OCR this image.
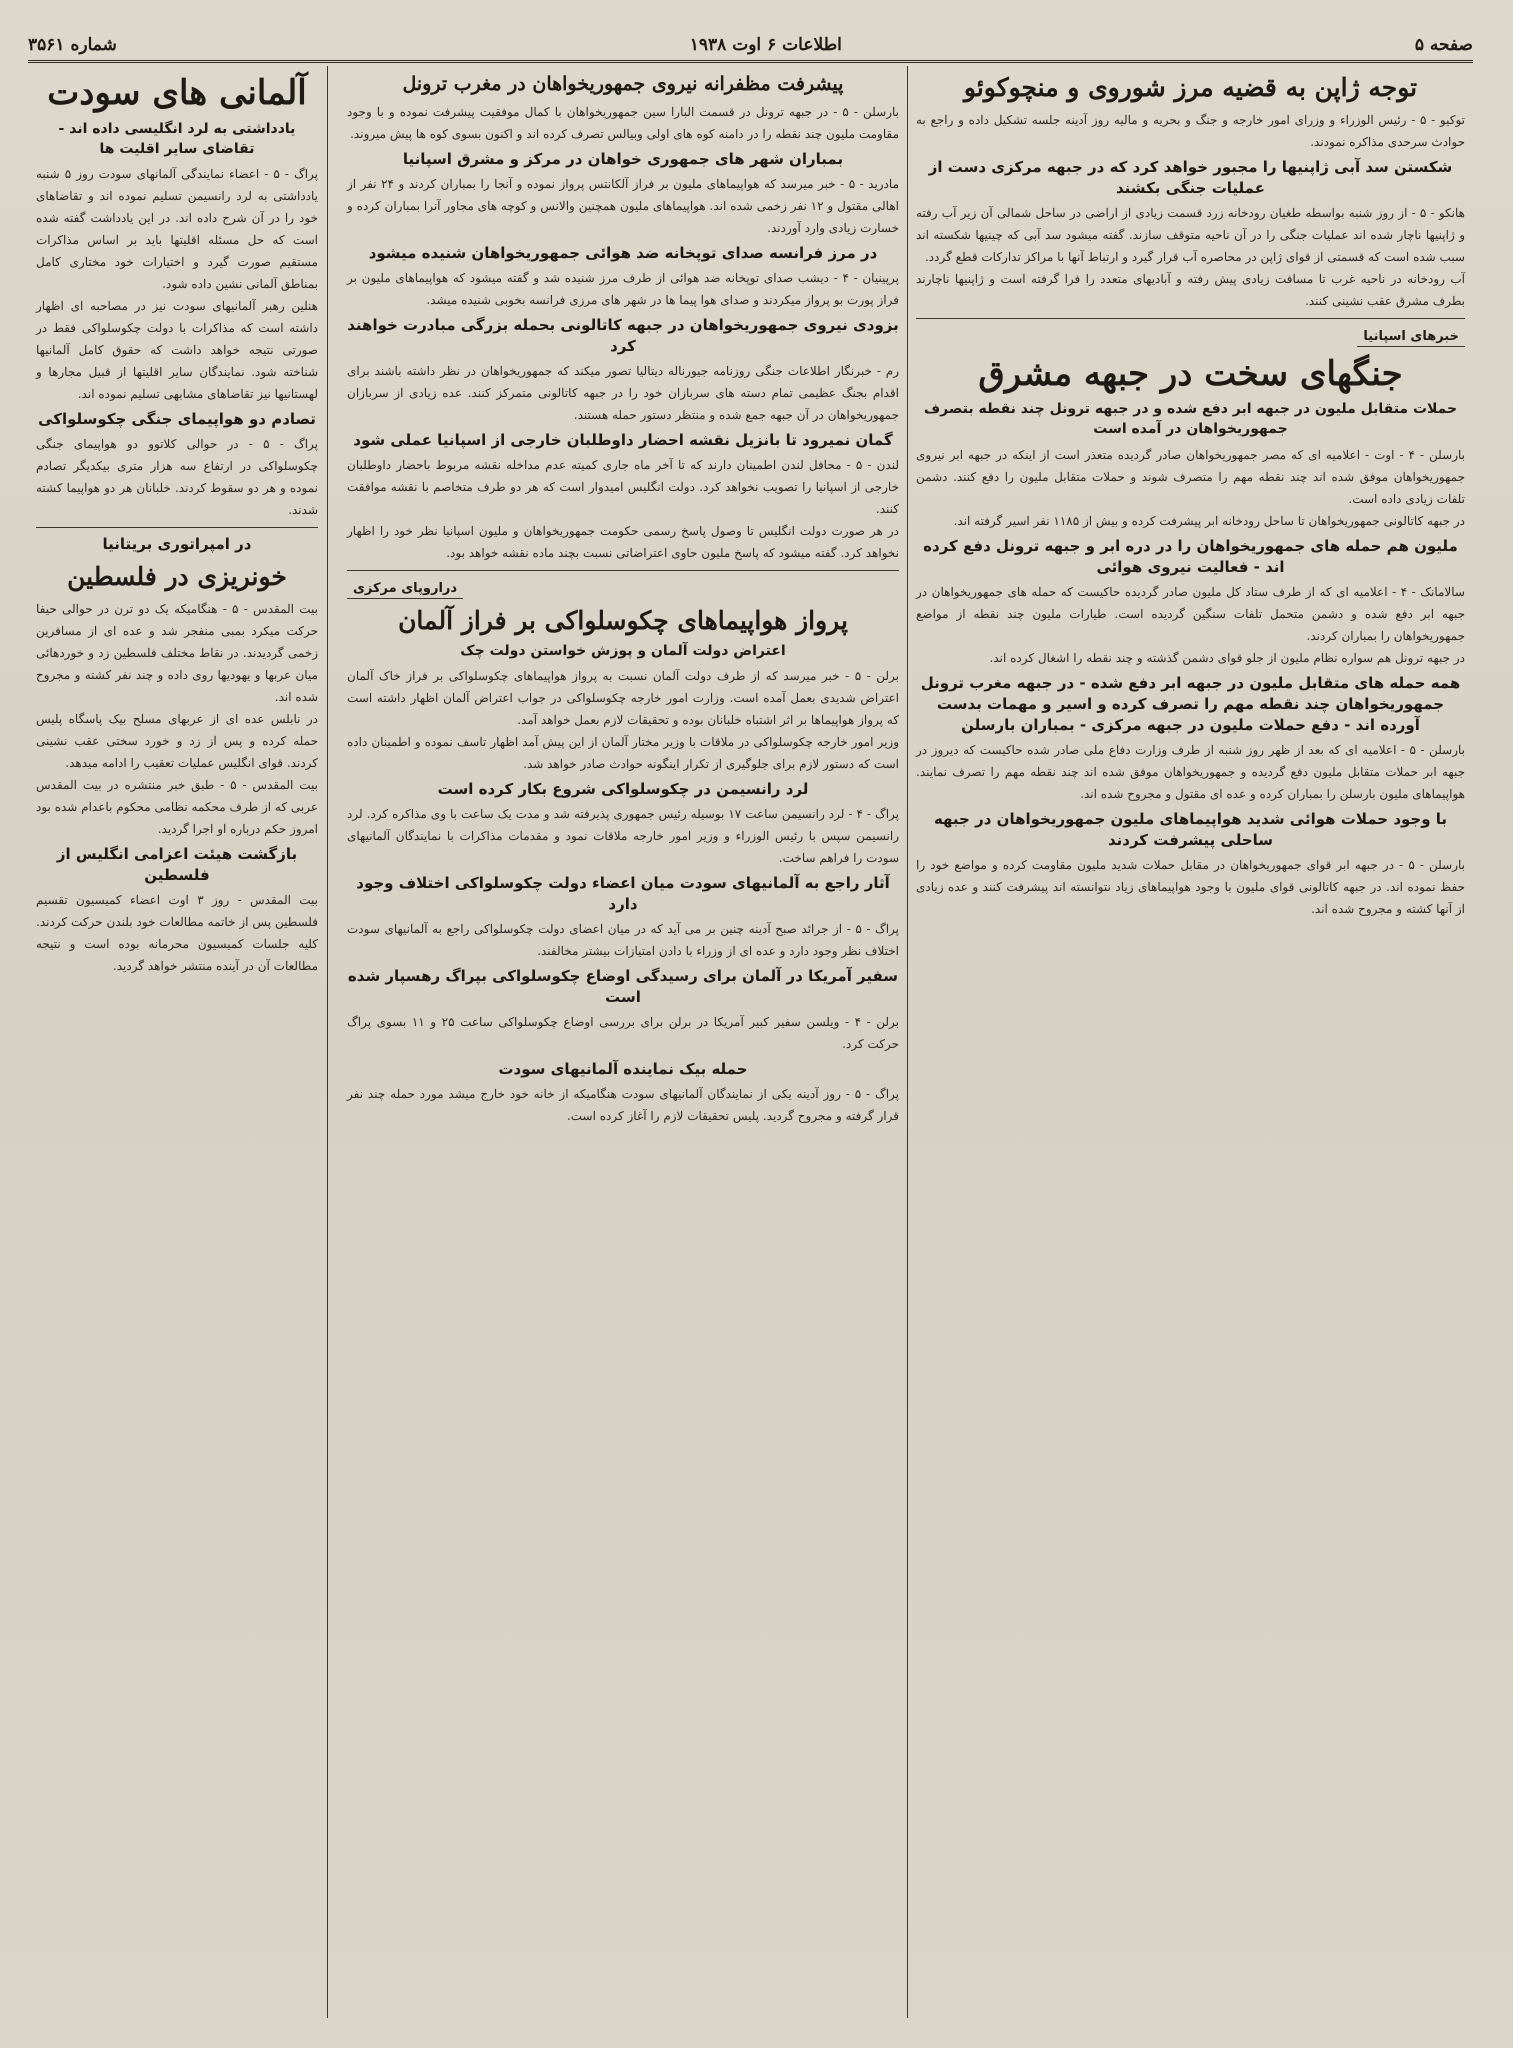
صفحه ۵
اطلاعات ۶ اوت ۱۹۳۸
شماره ۳۵۶۱
توجه ژاپن به قضیه مرز شوروی و منچوکوئو

توکیو - ۵ - رئیس الوزراء و وزرای امور خارجه و جنگ و بحریه و مالیه روز آدینه جلسه تشکیل داده و راجع به حوادث سرحدی مذاکره نمودند.

شکستن سد آبی ژاپنیها را مجبور خواهد کرد که در جبهه مرکزی دست از عملیات جنگی بکشند

هانکو - ۵ - از روز شنبه بواسطه طغیان رودخانه زرد قسمت زیادی از اراضی در ساحل شمالی آن زیر آب رفته و ژاپنیها ناچار شده اند عملیات جنگی را در آن ناحیه متوقف سازند. گفته میشود سد آبی که چینیها شکسته اند سبب شده است که قسمتی از قوای ژاپن در محاصره آب قرار گیرد و ارتباط آنها با مراکز تدارکات قطع گردد.

آب رودخانه در ناحیه غرب تا مسافت زیادی پیش رفته و آبادیهای متعدد را فرا گرفته است و ژاپنیها ناچارند بطرف مشرق عقب نشینی کنند.

خبرهای اسپانیا
جنگهای سخت در جبهه مشرق
حملات متقابل ملیون در جبهه ابر دفع شده و در جبهه ترونل چند نقطه بتصرف جمهوریخواهان در آمده است

بارسلن - ۴ - اوت - اعلامیه ای که مصر جمهوریخواهان صادر گردیده متعذر است از اینکه در جبهه ابر نیروی جمهوریخواهان موفق شده اند چند نقطه مهم را متصرف شوند و حملات متقابل ملیون را دفع کنند. دشمن تلفات زیادی داده است.

در جبهه کاتالونی جمهوریخواهان تا ساحل رودخانه ابر پیشرفت کرده و بیش از ۱۱۸۵ نفر اسیر گرفته اند.

ملیون هم حمله های جمهوریخواهان را در دره ابر و جبهه ترونل دفع کرده اند - فعالیت نیروی هوائی

سالامانک - ۴ - اعلامیه ای که از طرف ستاد کل ملیون صادر گردیده حاکیست که حمله های جمهوریخواهان در جبهه ابر دفع شده و دشمن متحمل تلفات سنگین گردیده است. طیارات ملیون چند نقطه از مواضع جمهوریخواهان را بمباران کردند.

در جبهه ترونل هم سواره نظام ملیون از جلو قوای دشمن گذشته و چند نقطه را اشغال کرده اند.

همه حمله های متقابل ملیون در جبهه ابر دفع شده - در جبهه مغرب ترونل جمهوریخواهان چند نقطه مهم را تصرف کرده و اسیر و مهمات بدست آورده اند - دفع حملات ملیون در جبهه مرکزی - بمباران بارسلن

بارسلن - ۵ - اعلامیه ای که بعد از ظهر روز شنبه از طرف وزارت دفاع ملی صادر شده حاکیست که دیروز در جبهه ابر حملات متقابل ملیون دفع گردیده و جمهوریخواهان موفق شده اند چند نقطه مهم را تصرف نمایند. هواپیماهای ملیون بارسلن را بمباران کرده و عده ای مقتول و مجروح شده اند.

با وجود حملات هوائی شدید هواپیماهای ملیون جمهوریخواهان در جبهه ساحلی پیشرفت کردند

بارسلن - ۵ - در جبهه ابر قوای جمهوریخواهان در مقابل حملات شدید ملیون مقاومت کرده و مواضع خود را حفظ نموده اند. در جبهه کاتالونی قوای ملیون با وجود هواپیماهای زیاد نتوانسته اند پیشرفت کنند و عده زیادی از آنها کشته و مجروح شده اند.

پیشرفت مظفرانه نیروی جمهوریخواهان در مغرب ترونل

بارسلن - ۵ - در جبهه ترونل در قسمت البارا سین جمهوریخواهان با کمال موفقیت پیشرفت نموده و با وجود مقاومت ملیون چند نقطه را در دامنه کوه های اولی وبیالس تصرف کرده اند و اکنون بسوی کوه ها پیش میروند.

بمباران شهر های جمهوری خواهان در مرکز و مشرق اسپانیا

مادرید - ۵ - خبر میرسد که هواپیماهای ملیون بر فراز آلکانتس پرواز نموده و آنجا را بمباران کردند و ۲۴ نفر از اهالی مقتول و ۱۲ نفر زخمی شده اند. هواپیماهای ملیون همچنین والانس و کوچه های مجاور آنرا بمباران کرده و خسارت زیادی وارد آوردند.

در مرز فرانسه صدای توپخانه ضد هوائی جمهوریخواهان شنیده میشود

پرپینیان - ۴ - دیشب صدای توپخانه ضد هوائی از طرف مرز شنیده شد و گفته میشود که هواپیماهای ملیون بر فراز پورت بو پرواز میکردند و صدای هوا پیما ها در شهر های مرزی فرانسه بخوبی شنیده میشد.

بزودی نیروی جمهوریخواهان در جبهه کاتالونی بحمله بزرگی مبادرت خواهند کرد

رم - خبرنگار اطلاعات جنگی روزنامه جیورناله دیتالیا تصور میکند که جمهوریخواهان در نظر داشته باشند برای اقدام بجنگ عظیمی تمام دسته های سربازان خود را در جبهه کاتالونی متمرکز کنند. عده زیادی از سربازان جمهوریخواهان در آن جبهه جمع شده و منتظر دستور حمله هستند.

گمان نمیرود تا بانزیل نقشه احضار داوطلبان خارجی از اسپانیا عملی شود

لندن - ۵ - محافل لندن اطمینان دارند که تا آخر ماه جاری کمیته عدم مداخله نقشه مربوط باحضار داوطلبان خارجی از اسپانیا را تصویب نخواهد کرد. دولت انگلیس امیدوار است که هر دو طرف متخاصم با نقشه موافقت کنند.

در هر صورت دولت انگلیس تا وصول پاسخ رسمی حکومت جمهوریخواهان و ملیون اسپانیا نظر خود را اظهار نخواهد کرد. گفته میشود که پاسخ ملیون حاوی اعتراضاتی نسبت بچند ماده نقشه خواهد بود.

دراروپای مرکزی
پرواز هواپیماهای چکوسلواکی بر فراز آلمان
اعتراض دولت آلمان و پوزش خواستن دولت چک

برلن - ۵ - خبر میرسد که از طرف دولت آلمان نسبت به پرواز هواپیماهای چکوسلواکی بر فراز خاک آلمان اعتراض شدیدی بعمل آمده است. وزارت امور خارجه چکوسلواکی در جواب اعتراض آلمان اظهار داشته است که پرواز هواپیماها بر اثر اشتباه خلبانان بوده و تحقیقات لازم بعمل خواهد آمد.

وزیر امور خارجه چکوسلواکی در ملاقات با وزیر مختار آلمان از این پیش آمد اظهار تاسف نموده و اطمینان داده است که دستور لازم برای جلوگیری از تکرار اینگونه حوادث صادر خواهد شد.

لرد رانسیمن در چکوسلواکی شروع بکار کرده است

پراگ - ۴ - لرد رانسیمن ساعت ۱۷ بوسیله رئیس جمهوری پذیرفته شد و مدت یک ساعت با وی مذاکره کرد. لرد رانسیمن سپس با رئیس الوزراء و وزیر امور خارجه ملاقات نمود و مقدمات مذاکرات با نمایندگان آلمانیهای سودت را فراهم ساخت.

آثار راجع به آلمانیهای سودت میان اعضاء دولت چکوسلواکی اختلاف وجود دارد

پراگ - ۵ - از جرائد صبح آدینه چنین بر می آید که در میان اعضای دولت چکوسلواکی راجع به آلمانیهای سودت اختلاف نظر وجود دارد و عده ای از وزراء با دادن امتیازات بیشتر مخالفند.

سفیر آمریکا در آلمان برای رسیدگی اوضاع چکوسلواکی بپراگ رهسپار شده است

برلن - ۴ - ویلسن سفیر کبیر آمریکا در برلن برای بررسی اوضاع چکوسلواکی ساعت ۲۵ و ۱۱ بسوی پراگ حرکت کرد.

حمله بیک نماینده آلمانیهای سودت

پراگ - ۵ - روز آدینه یکی از نمایندگان آلمانیهای سودت هنگامیکه از خانه خود خارج میشد مورد حمله چند نفر قرار گرفته و مجروح گردید. پلیس تحقیقات لازم را آغاز کرده است.

آلمانی های سودت
یادداشتی به لرد انگلیسی داده اند - تقاضای سایر اقلیت ها

پراگ - ۵ - اعضاء نمایندگی آلمانهای سودت روز ۵ شنبه یادداشتی به لرد رانسیمن تسلیم نموده اند و تقاضاهای خود را در آن شرح داده اند. در این یادداشت گفته شده است که حل مسئله اقلیتها باید بر اساس مذاکرات مستقیم صورت گیرد و اختیارات خود مختاری کامل بمناطق آلمانی نشین داده شود.

هنلین رهبر آلمانیهای سودت نیز در مصاحبه ای اظهار داشته است که مذاکرات با دولت چکوسلواکی فقط در صورتی نتیجه خواهد داشت که حقوق کامل آلمانیها شناخته شود. نمایندگان سایر اقلیتها از قبیل مجارها و لهستانیها نیز تقاضاهای مشابهی تسلیم نموده اند.

تصادم دو هواپیمای جنگی چکوسلواکی

پراگ - ۵ - در حوالی کلاتوو دو هواپیمای جنگی چکوسلواکی در ارتفاع سه هزار متری بیکدیگر تصادم نموده و هر دو سقوط کردند. خلبانان هر دو هواپیما کشته شدند.

در امپراتوری بریتانیا
خونریزی در فلسطین

بیت المقدس - ۵ - هنگامیکه یک دو ترن در حوالی حیفا حرکت میکرد بمبی منفجر شد و عده ای از مسافرین زخمی گردیدند. در نقاط مختلف فلسطین زد و خوردهائی میان عربها و یهودیها روی داده و چند نفر کشته و مجروح شده اند.

در نابلس عده ای از عربهای مسلح بیک پاسگاه پلیس حمله کرده و پس از زد و خورد سختی عقب نشینی کردند. قوای انگلیس عملیات تعقیب را ادامه میدهد.

بیت المقدس - ۵ - طبق خبر منتشره در بیت المقدس عربی که از طرف محکمه نظامی محکوم باعدام شده بود امروز حکم درباره او اجرا گردید.

بازگشت هیئت اعزامی انگلیس از فلسطین

بیت المقدس - روز ۳ اوت اعضاء کمیسیون تقسیم فلسطین پس از خاتمه مطالعات خود بلندن حرکت کردند. کلیه جلسات کمیسیون محرمانه بوده است و نتیجه مطالعات آن در آینده منتشر خواهد گردید.
